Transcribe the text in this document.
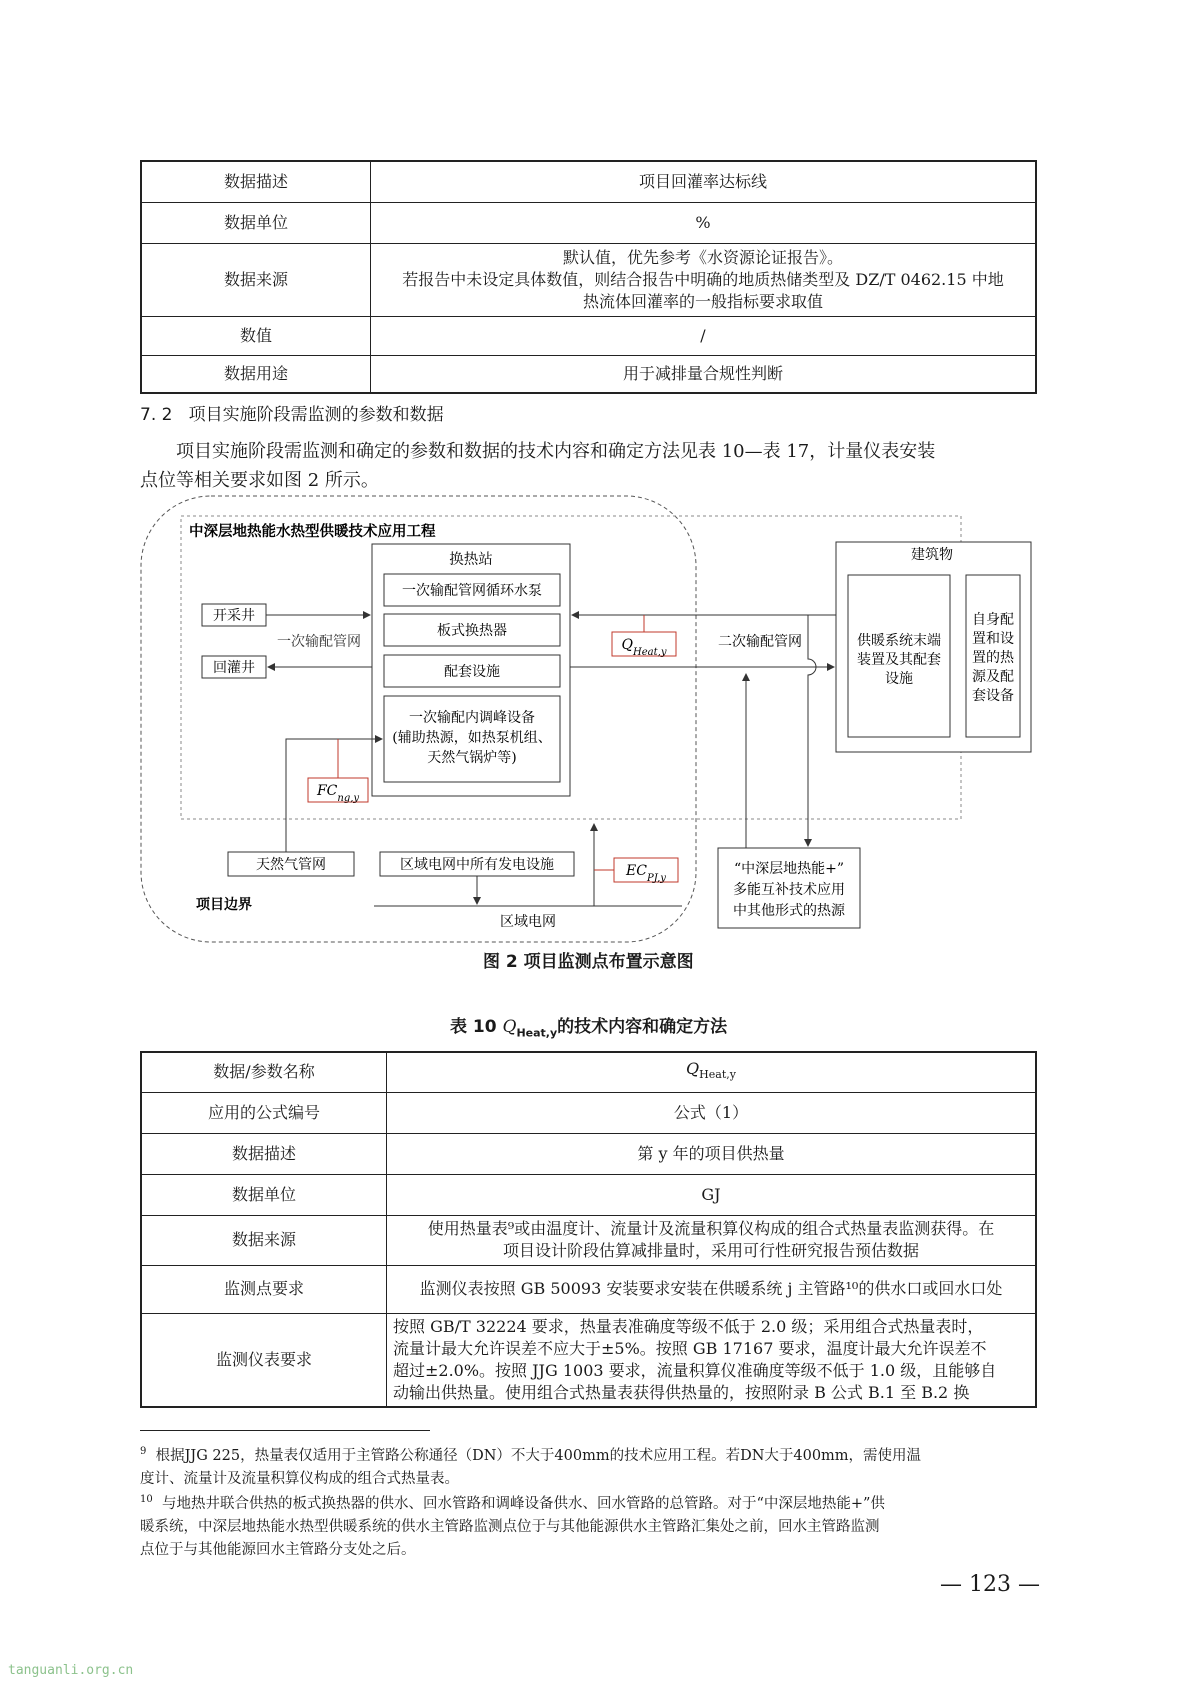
数据描述	项目回灌率达标线
数据单位	%
数据来源	默认值，优先参考《水资源论证报告》。
若报告中未设定具体数值，则结合报告中明确的地质热储类型及 DZ/T 0462.15 中地
热流体回灌率的一般指标要求取值

数值	/
数据用途	用于减排量合规性判断
7. 2 项目实施阶段需监测的参数和数据
项目实施阶段需监测和确定的参数和数据的技术内容和确定方法见表 10—表 17，计量仪表安装
点位等相关要求如图 2 所示。
中深层地热能水热型供暖技术应用工程
换热站
一次输配管网循环水泵
板式换热器
配套设施
一次输配内调峰设备
(辅助热源，如热泵机组、
天然气锅炉等)
开采井
回灌井
一次输配管网	二次输配管网
$Q_{Heat,y}$
建筑物
供暖系统末端
装置及其配套
设施
自身配
置和设
置的热
源及配
套设备
“中深层地热能+”
多能互补技术应用
中其他形式的热源
天然气管网
$FC_{ng,y}$
区域电网中所有发电设施	$EC_{PJ,y}$
区域电网
项目边界
图 2 项目监测点布置示意图
表 10 $Q_{Heat,y}$的技术内容和确定方法
数据/参数名称	$Q_{Heat,y}$
应用的公式编号	公式（1）
数据描述	第 y 年的项目供热量
数据单位	GJ
数据来源	使用热量表⁹或由温度计、流量计及流量积算仪构成的组合式热量表监测获得。在
项目设计阶段估算减排量时，采用可行性研究报告预估数据

监测点要求	监测仪表按照 GB 50093 安装要求安装在供暖系统 j 主管路¹⁰的供水口或回水口处
监测仪表要求	按照 GB/T 32224 要求，热量表准确度等级不低于 2.0 级；采用组合式热量表时，
流量计最大允许误差不应大于±5%。按照 GB 17167 要求，温度计最大允许误差不
超过±2.0%。按照 JJG 1003 要求，流量积算仪准确度等级不低于 1.0 级，且能够自
动输出供热量。使用组合式热量表获得供热量的，按照附录 B 公式 B.1 至 B.2 换
$^9$ 根据JJG 225，热量表仅适用于主管路公称通径（DN）不大于400mm的技术应用工程。若DN大于400mm，需使用温
度计、流量计及流量积算仪构成的组合式热量表。
$^{10}$ 与地热井联合供热的板式换热器的供水、回水管路和调峰设备供水、回水管路的总管路。对于“中深层地热能+”供
暖系统，中深层地热能水热型供暖系统的供水主管路监测点位于与其他能源供水主管路汇集处之前，回水主管路监测
点位于与其他能源回水主管路分支处之后。
— 123 —
tanguanli.org.cn
